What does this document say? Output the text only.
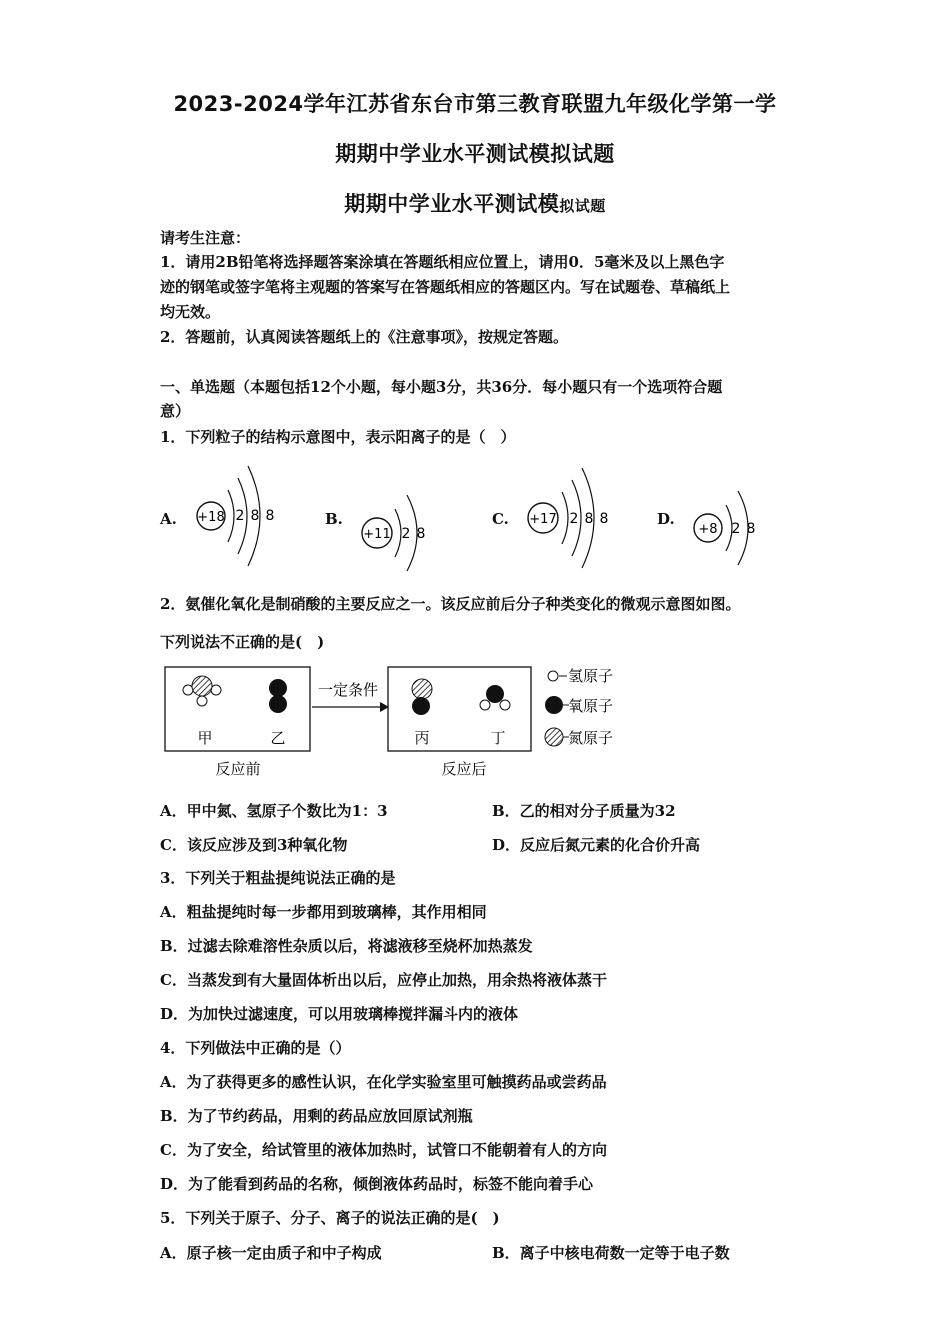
2023-2024学年江苏省东台市第三教育联盟九年级化学第一学
期期中学业水平测试模拟试题
期期中学业水平测试模拟试题
请考生注意：
1．请用2B铅笔将选择题答案涂填在答题纸相应位置上，请用0．5毫米及以上黑色字
迹的钢笔或签字笔将主观题的答案写在答题纸相应的答题区内。写在试题卷、草稿纸上
均无效。
2．答题前，认真阅读答题纸上的《注意事项》，按规定答题。
一、单选题（本题包括12个小题，每小题3分，共36分．每小题只有一个选项符合题
意）
1．下列粒子的结构示意图中，表示阳离子的是（　）
A. +18 2 8 8	B.
+11 2 8
C. +17 2 8 8	D.
+8 2 8
2．氨催化氧化是制硝酸的主要反应之一。该反应前后分子种类变化的微观示意图如图。
下列说法不正确的是(　)
甲	乙
一定条件
丙	丁
反应前	反应后
氢原子
氧原子
氮原子
A．甲中氮、氢原子个数比为1：3	B．乙的相对分子质量为32
C．该反应涉及到3种氧化物	D．反应后氮元素的化合价升高
3．下列关于粗盐提纯说法正确的是
A．粗盐提纯时每一步都用到玻璃棒，其作用相同
B．过滤去除难溶性杂质以后，将滤液移至烧杯加热蒸发
C．当蒸发到有大量固体析出以后，应停止加热，用余热将液体蒸干
D．为加快过滤速度，可以用玻璃棒搅拌漏斗内的液体
4．下列做法中正确的是（）
A．为了获得更多的感性认识，在化学实验室里可触摸药品或尝药品
B．为了节约药品，用剩的药品应放回原试剂瓶
C．为了安全，给试管里的液体加热时，试管口不能朝着有人的方向
D．为了能看到药品的名称，倾倒液体药品时，标签不能向着手心
5．下列关于原子、分子、离子的说法正确的是(　)
A．原子核一定由质子和中子构成	B．离子中核电荷数一定等于电子数
